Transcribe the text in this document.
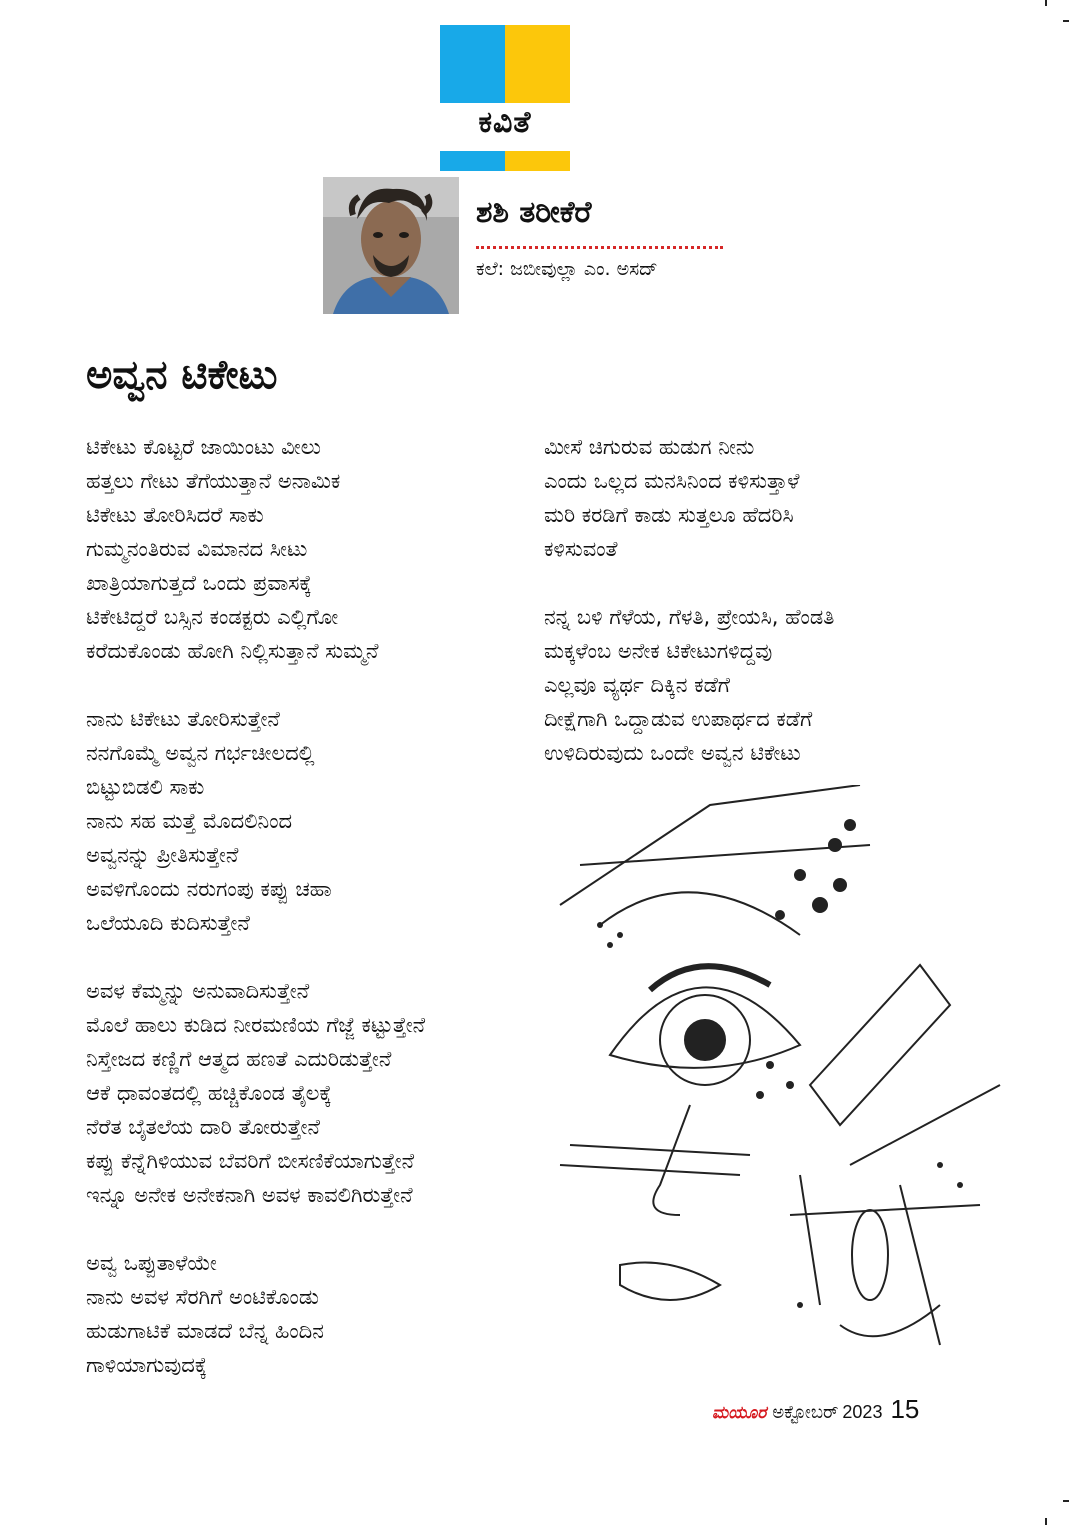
ಕವಿತೆ
ಶಶಿ ತರೀಕೆರೆ
ಕಲೆ: ಜಬೀವುಲ್ಲಾ ಎಂ. ಅಸದ್
ಅವ್ವನ ಟಿಕೇಟು
ಟಿಕೇಟು ಕೊಟ್ಟರೆ ಜಾಯಿಂಟು ವೀಲು
ಹತ್ತಲು ಗೇಟು ತೆಗೆಯುತ್ತಾನೆ ಅನಾಮಿಕ
ಟಿಕೇಟು ತೋರಿಸಿದರೆ ಸಾಕು
ಗುಮ್ಮನಂತಿರುವ ವಿಮಾನದ ಸೀಟು
ಖಾತ್ರಿಯಾಗುತ್ತದೆ ಒಂದು ಪ್ರವಾಸಕ್ಕೆ
ಟಿಕೇಟಿದ್ದರೆ ಬಸ್ಸಿನ ಕಂಡಕ್ಟರು ಎಲ್ಲಿಗೋ
ಕರೆದುಕೊಂಡು ಹೋಗಿ ನಿಲ್ಲಿಸುತ್ತಾನೆ ಸುಮ್ಮನೆ
ನಾನು ಟಿಕೇಟು ತೋರಿಸುತ್ತೇನೆ
ನನಗೊಮ್ಮೆ ಅವ್ವನ ಗರ್ಭಚೀಲದಲ್ಲಿ
ಬಿಟ್ಟುಬಿಡಲಿ ಸಾಕು
ನಾನು ಸಹ ಮತ್ತೆ ಮೊದಲಿನಿಂದ
ಅವ್ವನನ್ನು ಪ್ರೀತಿಸುತ್ತೇನೆ
ಅವಳಿಗೊಂದು ನರುಗಂಪು ಕಪ್ಪು ಚಹಾ
ಒಲೆಯೂದಿ ಕುದಿಸುತ್ತೇನೆ
ಅವಳ ಕೆಮ್ಮನ್ನು ಅನುವಾದಿಸುತ್ತೇನೆ
ಮೊಲೆ ಹಾಲು ಕುಡಿದ ನೀರಮಣಿಯ ಗೆಜ್ಜೆ ಕಟ್ಟುತ್ತೇನೆ
ನಿಸ್ತೇಜದ ಕಣ್ಣಿಗೆ ಆತ್ಮದ ಹಣತೆ ಎದುರಿಡುತ್ತೇನೆ
ಆಕೆ ಧಾವಂತದಲ್ಲಿ ಹಚ್ಚಿಕೊಂಡ ತೈಲಕ್ಕೆ
ನೆರೆತ ಬೈತಲೆಯ ದಾರಿ ತೋರುತ್ತೇನೆ
ಕಪ್ಪು ಕೆನ್ನೆಗಿಳಿಯುವ ಬೆವರಿಗೆ ಬೀಸಣಿಕೆಯಾಗುತ್ತೇನೆ
ಇನ್ನೂ ಅನೇಕ ಅನೇಕನಾಗಿ ಅವಳ ಕಾವಲಿಗಿರುತ್ತೇನೆ
ಅವ್ವ ಒಪ್ಪುತಾಳೆಯೇ
ನಾನು ಅವಳ ಸೆರಗಿಗೆ ಅಂಟಿಕೊಂಡು
ಹುಡುಗಾಟಿಕೆ ಮಾಡದೆ ಬೆನ್ನ ಹಿಂದಿನ
ಗಾಳಿಯಾಗುವುದಕ್ಕೆ
ಮೀಸೆ ಚಿಗುರುವ ಹುಡುಗ ನೀನು
ಎಂದು ಒಲ್ಲದ ಮನಸಿನಿಂದ ಕಳಿಸುತ್ತಾಳೆ
ಮರಿ ಕರಡಿಗೆ ಕಾಡು ಸುತ್ತಲೂ ಹೆದರಿಸಿ
ಕಳಿಸುವಂತೆ
ನನ್ನ ಬಳಿ ಗೆಳೆಯ, ಗೆಳತಿ, ಪ್ರೇಯಸಿ, ಹೆಂಡತಿ
ಮಕ್ಕಳೆಂಬ ಅನೇಕ ಟಿಕೇಟುಗಳಿದ್ದವು
ಎಲ್ಲವೂ ವ್ಯರ್ಥ ದಿಕ್ಕಿನ ಕಡೆಗೆ
ದೀಕ್ಷೆಗಾಗಿ ಒದ್ದಾಡುವ ಉಪಾರ್ಥದ ಕಡೆಗೆ
ಉಳಿದಿರುವುದು ಒಂದೇ ಅವ್ವನ ಟಿಕೇಟು
ಮಯೂರ ಅಕ್ಟೋಬರ್ 2023 15
